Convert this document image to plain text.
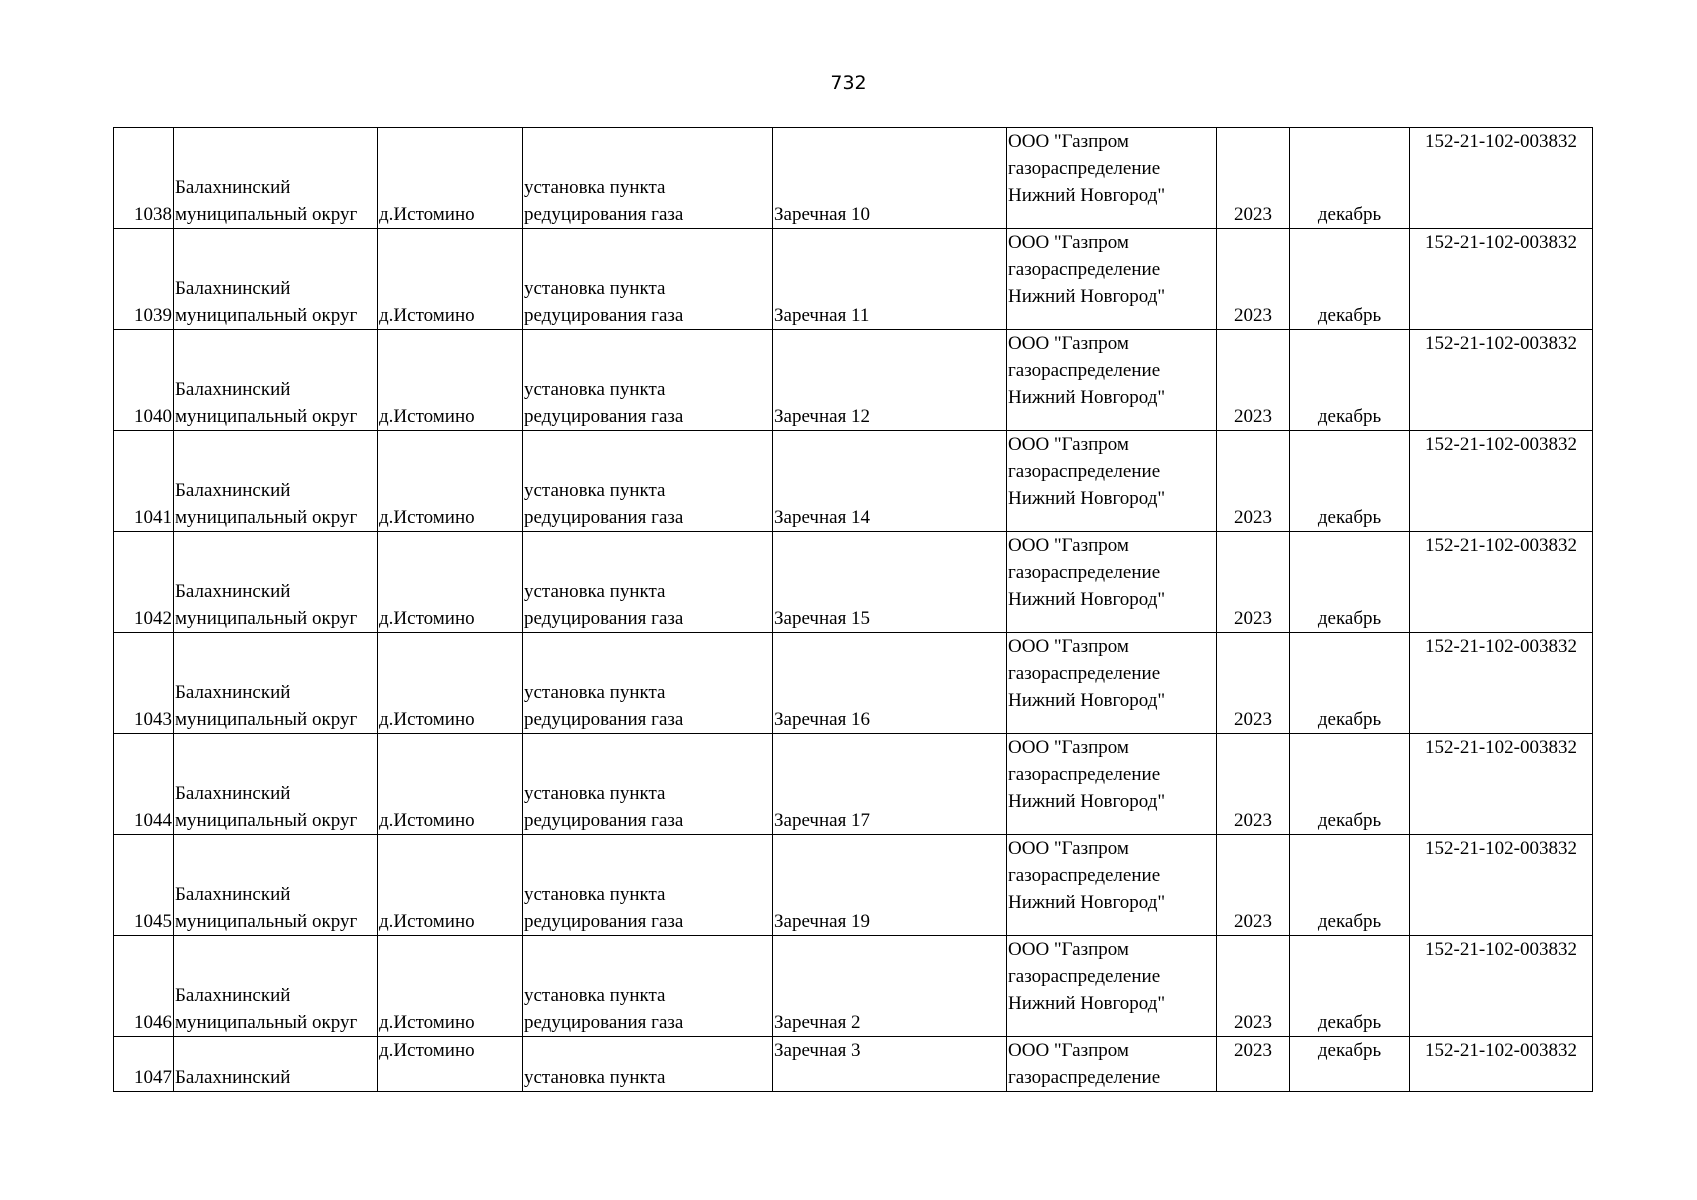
732
1038	Балахнинский
муниципальный округ	д.Истомино	установка пункта
редуцирования газа	Заречная 10	ООО "Газпром
газораспределение
Нижний Новгород"	2023	декабрь	152-21-102-003832

1039	Балахнинский
муниципальный округ	д.Истомино	установка пункта
редуцирования газа	Заречная 11	ООО "Газпром
газораспределение
Нижний Новгород"	2023	декабрь	152-21-102-003832

1040	Балахнинский
муниципальный округ	д.Истомино	установка пункта
редуцирования газа	Заречная 12	ООО "Газпром
газораспределение
Нижний Новгород"	2023	декабрь	152-21-102-003832

1041	Балахнинский
муниципальный округ	д.Истомино	установка пункта
редуцирования газа	Заречная 14	ООО "Газпром
газораспределение
Нижний Новгород"	2023	декабрь	152-21-102-003832

1042	Балахнинский
муниципальный округ	д.Истомино	установка пункта
редуцирования газа	Заречная 15	ООО "Газпром
газораспределение
Нижний Новгород"	2023	декабрь	152-21-102-003832

1043	Балахнинский
муниципальный округ	д.Истомино	установка пункта
редуцирования газа	Заречная 16	ООО "Газпром
газораспределение
Нижний Новгород"	2023	декабрь	152-21-102-003832

1044	Балахнинский
муниципальный округ	д.Истомино	установка пункта
редуцирования газа	Заречная 17	ООО "Газпром
газораспределение
Нижний Новгород"	2023	декабрь	152-21-102-003832

1045	Балахнинский
муниципальный округ	д.Истомино	установка пункта
редуцирования газа	Заречная 19	ООО "Газпром
газораспределение
Нижний Новгород"	2023	декабрь	152-21-102-003832

1046	Балахнинский
муниципальный округ	д.Истомино	установка пункта
редуцирования газа	Заречная 2	ООО "Газпром
газораспределение
Нижний Новгород"	2023	декабрь	152-21-102-003832

1047	Балахнинский	д.Истомино	установка пункта	Заречная 3	ООО "Газпром
газораспределение	2023	декабрь	152-21-102-003832
